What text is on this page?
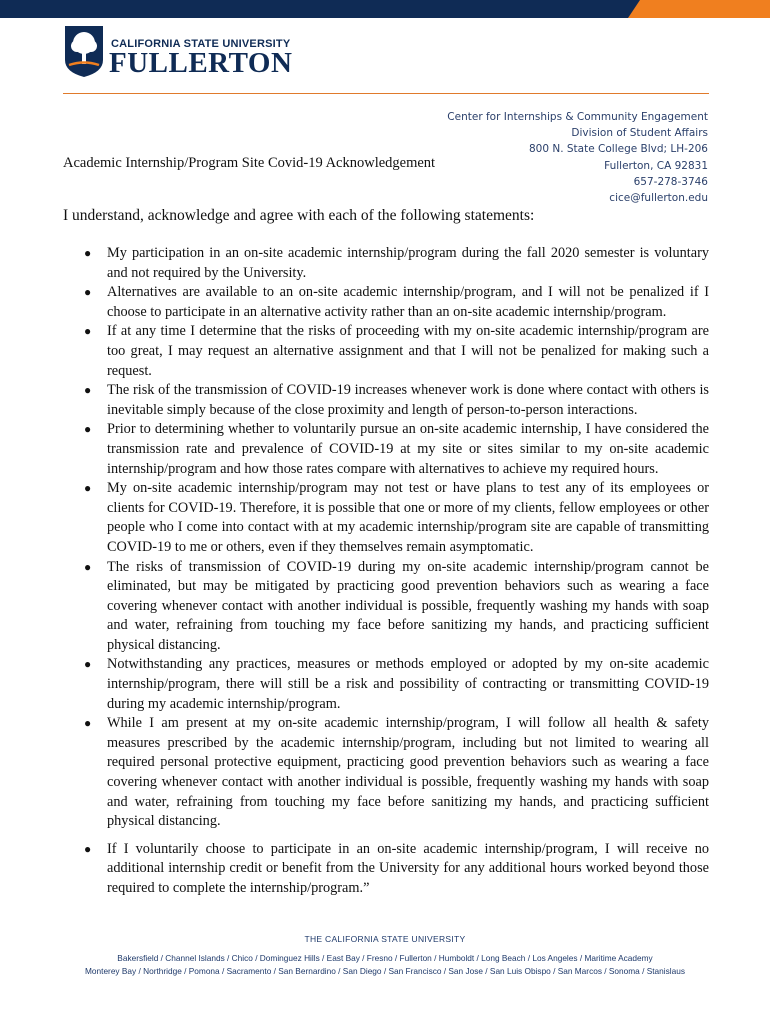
CALIFORNIA STATE UNIVERSITY
FULLERTON
Center for Internships & Community Engagement
Division of Student Affairs
800 N. State College Blvd; LH-206
Fullerton, CA 92831
657-278-3746
cice@fullerton.edu
Academic Internship/Program Site Covid-19 Acknowledgement
I understand, acknowledge and agree with each of the following statements:
● My participation in an on-site academic internship/program during the fall 2020 semester is voluntary and not required by the University.
● Alternatives are available to an on-site academic internship/program, and I will not be penalized if I choose to participate in an alternative activity rather than an on-site academic internship/program.
● If at any time I determine that the risks of proceeding with my on-site academic internship/program are too great, I may request an alternative assignment and that I will not be penalized for making such a request.
● The risk of the transmission of COVID-19 increases whenever work is done where contact with others is inevitable simply because of the close proximity and length of person-to-person interactions.
● Prior to determining whether to voluntarily pursue an on-site academic internship, I have considered the transmission rate and prevalence of COVID-19 at my site or sites similar to my on-site academic internship/program and how those rates compare with alternatives to achieve my required hours.
● My on-site academic internship/program may not test or have plans to test any of its employees or clients for COVID-19. Therefore, it is possible that one or more of my clients, fellow employees or other people who I come into contact with at my academic internship/program site are capable of transmitting COVID-19 to me or others, even if they themselves remain asymptomatic.
● The risks of transmission of COVID-19 during my on-site academic internship/program cannot be eliminated, but may be mitigated by practicing good prevention behaviors such as wearing a face covering whenever contact with another individual is possible, frequently washing my hands with soap and water, refraining from touching my face before sanitizing my hands, and practicing sufficient physical distancing.
● Notwithstanding any practices, measures or methods employed or adopted by my on-site academic internship/program, there will still be a risk and possibility of contracting or transmitting COVID-19 during my academic internship/program.
● While I am present at my on-site academic internship/program, I will follow all health & safety measures prescribed by the academic internship/program, including but not limited to wearing all required personal protective equipment, practicing good prevention behaviors such as wearing a face covering whenever contact with another individual is possible, frequently washing my hands with soap and water, refraining from touching my face before sanitizing my hands, and practicing sufficient physical distancing.
● If I voluntarily choose to participate in an on-site academic internship/program, I will receive no additional internship credit or benefit from the University for any additional hours worked beyond those required to complete the internship/program.”
THE CALIFORNIA STATE UNIVERSITY
Bakersfield / Channel Islands / Chico / Dominguez Hills / East Bay / Fresno / Fullerton / Humboldt / Long Beach / Los Angeles / Maritime Academy
Monterey Bay / Northridge / Pomona / Sacramento / San Bernardino / San Diego / San Francisco / San Jose / San Luis Obispo / San Marcos / Sonoma / Stanislaus
